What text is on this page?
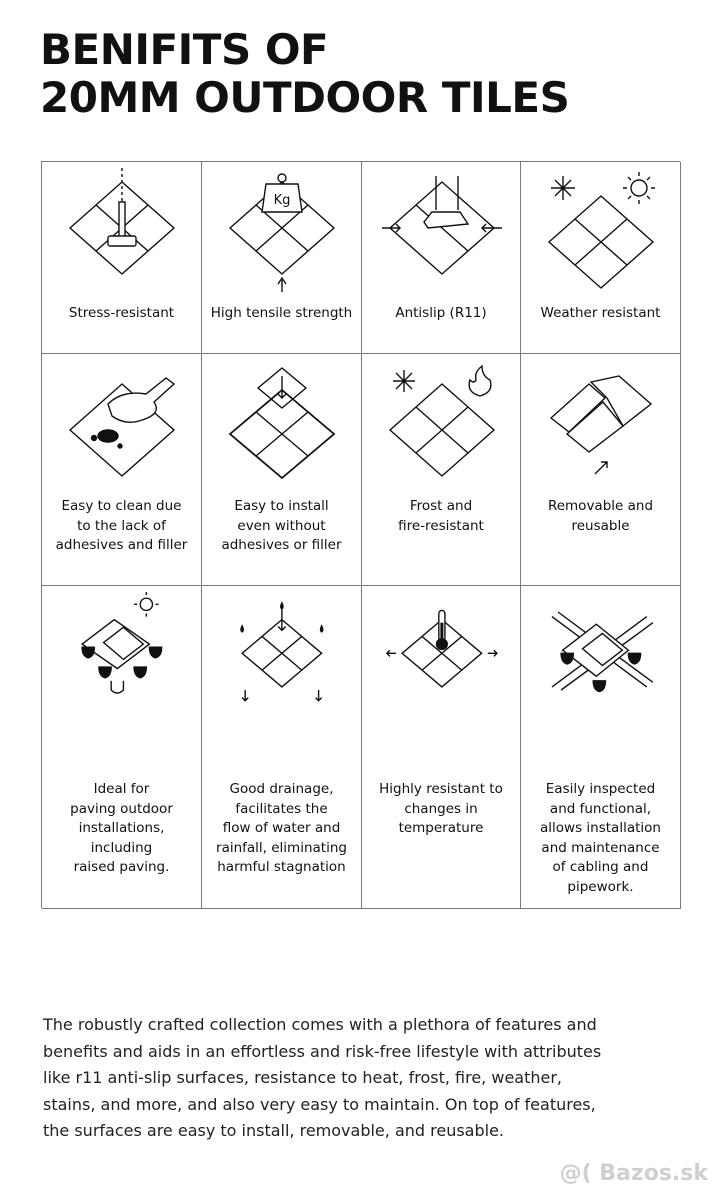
BENIFITS OF
20MM OUTDOOR TILES
Stress-resistant
Kg
High tensile strength	Antislip (R11)	Weather resistant
Easy to clean due
to the lack of
adhesives and filler
Easy to install
even without
adhesives or filler
Frost and
fire-resistant
Removable and
reusable
Ideal for
paving outdoor
installations,
including
raised paving.
Good drainage,
facilitates the
flow of water and
rainfall, eliminating
harmful stagnation
Highly resistant to
changes in
temperature
Easily inspected
and functional,
allows installation
and maintenance
of cabling and
pipework.

The robustly crafted collection comes with a plethora of features and benefits and aids in an effortless and risk-free lifestyle with attributes like r11 anti-slip surfaces, resistance to heat, frost, fire, weather, stains, and more, and also very easy to maintain. On top of features, the surfaces are easy to install, removable, and reusable.

@( Bazos.sk
